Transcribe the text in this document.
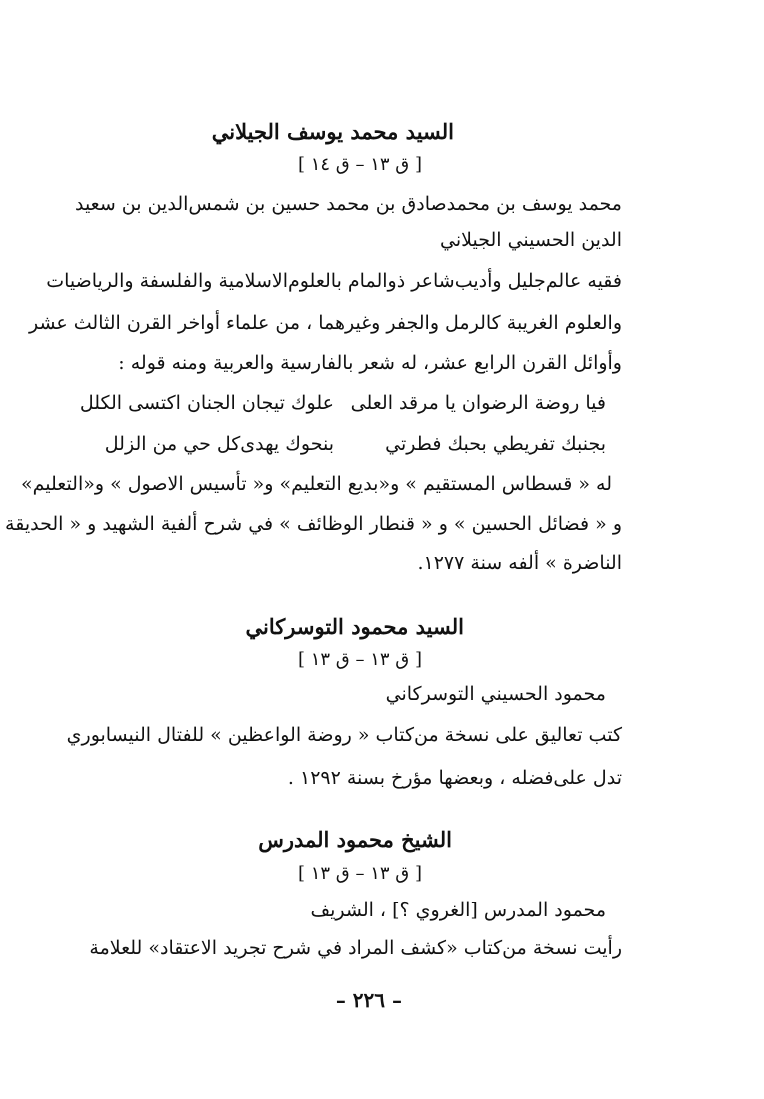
السيد محمد يوسف الجيلاني
[ ق ١٣ – ق ١٤ ]
محمد يوسف بن محمدصادق بن محمد حسين بن شمس‌الدين بن سعيد
الدين الحسيني الجيلاني
فقيه عالم‌جليل وأديب‌شاعر ذوالمام بالعلوم‌الاسلامية والفلسفة والرياضيات
والعلوم الغريبة كالرمل والجفر وغيرهما ، من علماء أواخر القرن الثالث عشر
وأوائل القرن الرابع عشر، له شعر بالفارسية والعربية ومنه قوله :
فيا روضة الرضوان يا مرقد العلى
علوك تيجان الجنان اكتسى الكلل
بجنبك تفريطي بحبك فطرتي
بنحوك يهدى‌كل حي من الزلل
له « قسطاس المستقيم » و«بديع التعليم» و« تأسيس الاصول » و«التعليم»
و « فضائل الحسين » و « قنطار الوظائف » في شرح ألفية الشهيد و « الحديقة
الناضرة » ألفه سنة ١٢٧٧.
السيد محمود التوسركاني
[ ق ١٣ – ق ١٣ ]
محمود الحسيني التوسركاني
كتب تعاليق على نسخة من‌كتاب « روضة الواعظين » للفتال النيسابوري
تدل على‌فضله ، وبعضها مؤرخ بسنة ١٢٩٢ .
الشيخ محمود المدرس
[ ق ١٣ – ق ١٣ ]
محمود المدرس [الغروي ؟] ، الشريف
رأيت نسخة من‌كتاب «كشف المراد في شرح تجريد الاعتقاد» للعلامة
– ٢٢٦ –
